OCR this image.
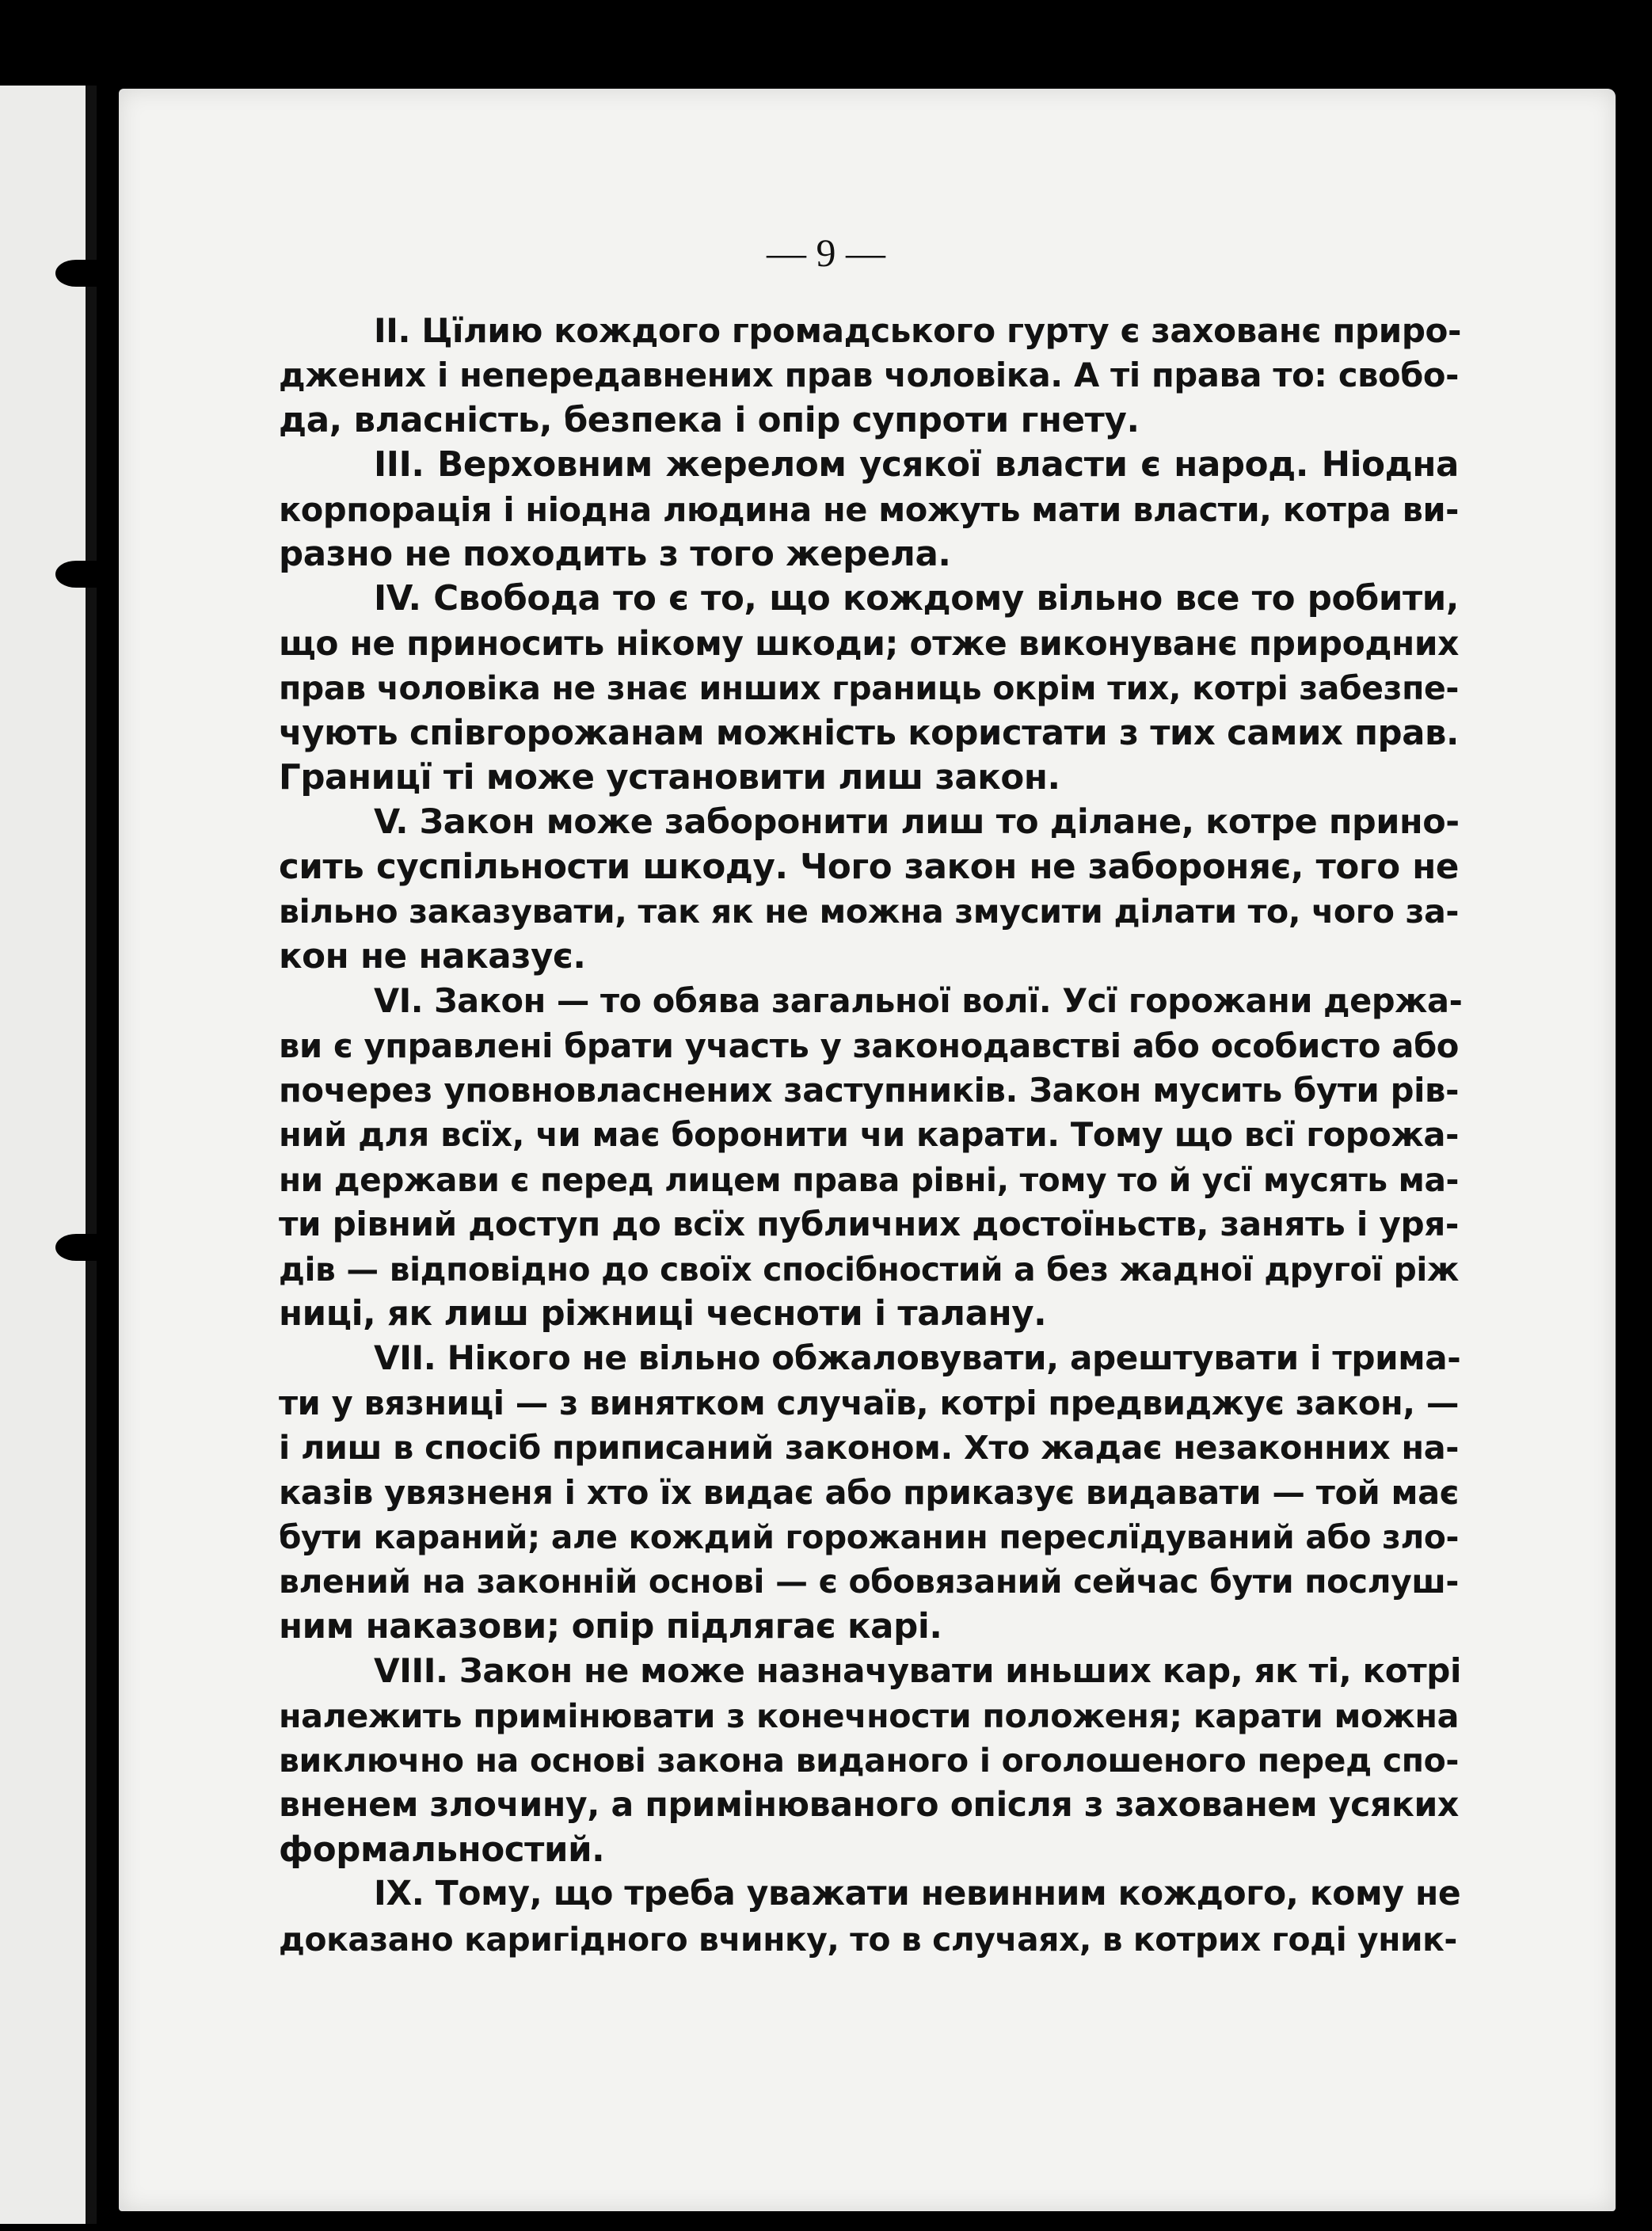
— 9 —
II. Цїлию кождого громадського гурту є захованє приро-
джених і непередавнених прав чоловіка. А ті права то: свобо-
да, власність, безпека і опір супроти гнету.
III. Верховним жерелом усякої власти є нарoд. Ніодна
корпорація і ніодна людина не можуть мати власти, котра ви-
разно не походить з того жерела.
IV. Свобода то є то, що кождому вільно все то робити,
що не приносить нікому шкоди; отже виконуванє природних
прав чоловіка не знає инших границь окрім тих, котрі забезпе-
чують співгорожанам можність користати з тих самих прав.
Границї ті може установити лиш закон.
V. Закон може заборонити лиш то ділане, котре прино-
сить суспільности шкоду. Чого закон не забороняє, того не
вільно заказувати, так як не можна змусити ділати то, чого за-
кон не наказує.
VI. Закон — то обява загальної волї. Усї горожани держа-
ви є управлені брати участь у законодавстві або особисто або
почерез уповновласнених заступників. Закон мусить бути рів-
ний для всїх, чи має боронити чи карати. Тому що всї горожа-
ни держави є перед лицем права рівні, тому то й усї мусять ма-
ти рівний доступ до всїх публичних достоїньств, занять і уря-
дів — відповідно до своїх спосібностий а без жадної другої ріж
ниці, як лиш ріжниці чесноти і талану.
VII. Нікого не вільно обжаловувати, арештувати і трима-
ти у вязниці — з винятком случаїв, котрі предвиджує закон, —
і лиш в спосіб приписаний законом. Хто жадає незаконних на-
казів увязненя і хто їх видає або приказує видавати — той має
бути караний; але кождий горожанин переслїдуваний або зло-
влений на законній основі — є обовязаний сейчас бути послуш-
ним наказови; опір підлягає карі.
VIII. Закон не може назначувати иньших кар, як ті, котрі
належить примінювати з конечности положеня; карати можна
виключно на основі закона виданого і оголошеного перед спо-
вненем злочину, а примінюваного опісля з захованем усяких
формальностий.
IX. Тому, що треба уважати невинним кождого, кому не
доказано каригідного вчинку, то в случаях, в котрих годі уник-
